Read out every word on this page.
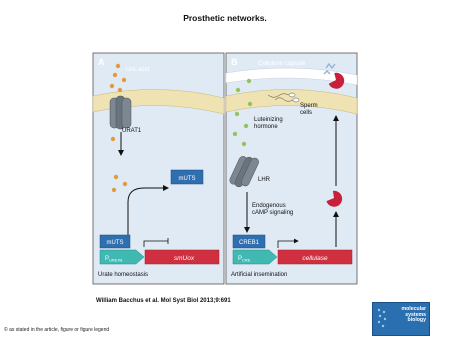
Prosthetic networks.
A
Uric acid
URAT1
mUTS
mUTS
$P_{UREX8}$	smUox
Urate homeostasis
B	Cellulose capsule
Luteinizing
hormone
Sperm
cells
LHR
Endogenous
cAMP signaling
CREB1
$P_{CRE}$	cellulase
Artificial insemination
William Bacchus et al. Mol Syst Biol 2013;9:691
molecular
systems
biology
© as stated in the article, figure or figure legend
